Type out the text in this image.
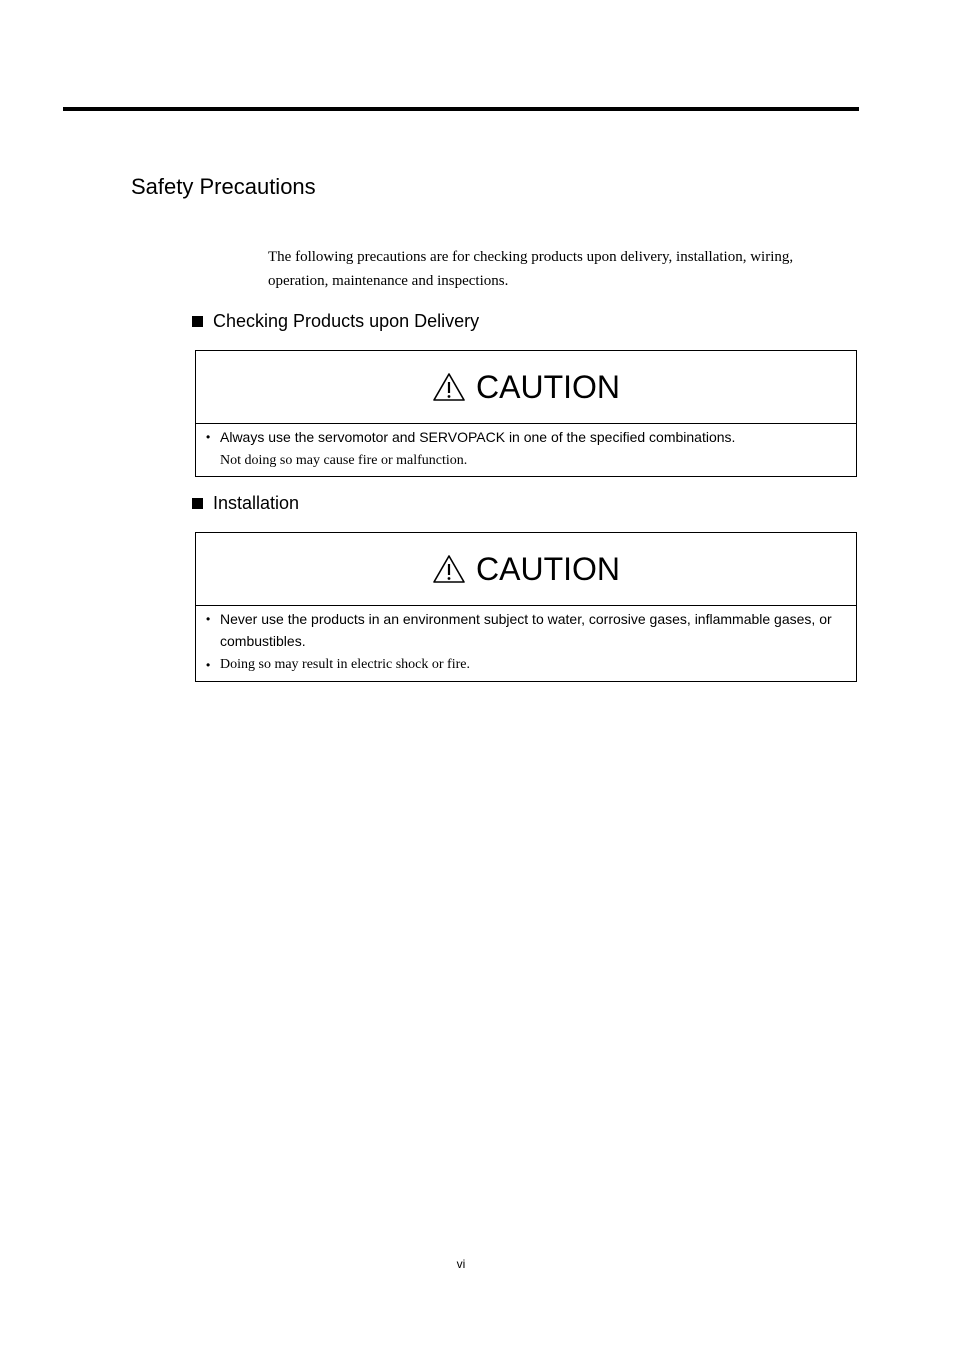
Safety Precautions

The following precautions are for checking products upon delivery, installation, wiring, operation, maintenance and inspections.

Checking Products upon Delivery
CAUTION
• Always use the servomotor and SERVOPACK in one of the specified combinations.
Not doing so may cause fire or malfunction.
Installation
CAUTION
• Never use the products in an environment subject to water, corrosive gases, inflammable gases, or combustibles.
• Doing so may result in electric shock or fire.
vi
